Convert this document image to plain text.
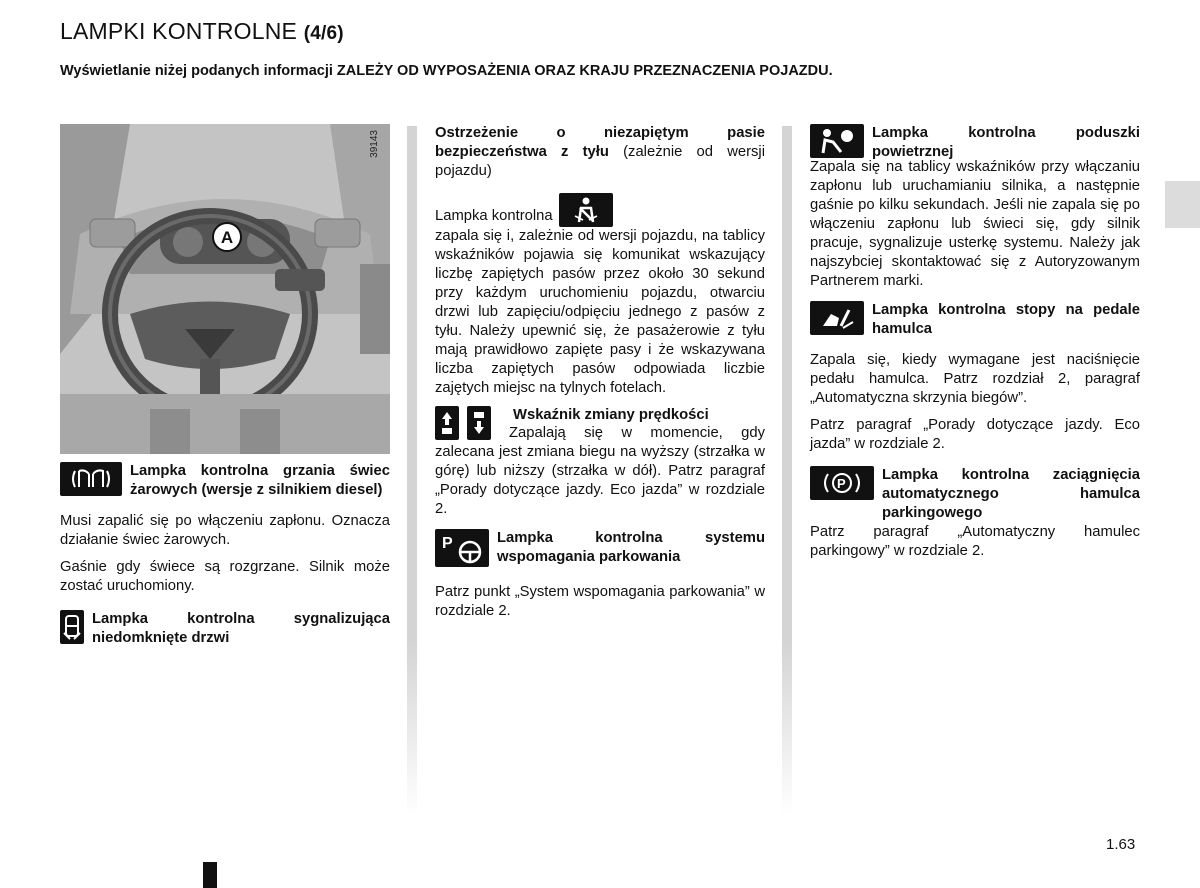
LAMPKI KONTROLNE (4/6)
Wyświetlanie niżej podanych informacji ZALEŻY OD WYPOSAŻENIA ORAZ KRAJU PRZEZNACZENIA POJAZDU.
A
39143
Lampka kontrolna grzania świec żarowych (wersje z silnikiem diesel)

Musi zapalić się po włączeniu zapłonu. Oznacza działanie świec żarowych.

Gaśnie gdy świece są rozgrzane. Silnik może zostać uruchomiony.

Lampka kontrolna sygnalizująca niedomknięte drzwi

Ostrzeżenie o niezapiętym pasie bezpieczeństwa z tyłu (zależnie od wersji pojazdu)

Lampka kontrolna

zapala się i, zależnie od wersji pojazdu, na tablicy wskaźników pojawia się komunikat wskazujący liczbę zapiętych pasów przez około 30 sekund przy każdym uruchomieniu pojazdu, otwarciu drzwi lub zapięciu/odpięciu jednego z pasów z tyłu. Należy upewnić się, że pasażerowie z tyłu mają prawidłowo zapięte pasy i że wskazywana liczba zapiętych pasów odpowiada liczbie zajętych miejsc na tylnych fotelach.

Wskaźnik zmiany prędkości

Zapalają się w momencie, gdy zalecana jest zmiana biegu na wyższy (strzałka w górę) lub niższy (strzałka w dół). Patrz paragraf „Porady dotyczące jazdy. Eco jazda” w rozdziale 2.

P	Lampka kontrolna systemu wspomagania parkowania

Patrz punkt „System wspomagania parkowania” w rozdziale 2.

Lampka kontrolna poduszki powietrznej

Zapala się na tablicy wskaźników przy włączaniu zapłonu lub uruchamianiu silnika, a następnie gaśnie po kilku sekundach. Jeśli nie zapala się po włączeniu zapłonu lub świeci się, gdy silnik pracuje, sygnalizuje usterkę systemu. Należy jak najszybciej skontaktować się z Autoryzowanym Partnerem marki.

Lampka kontrolna stopy na pedale hamulca

Zapala się, kiedy wymagane jest naciśnięcie pedału hamulca. Patrz rozdział 2, paragraf „Automatyczna skrzynia biegów”.

Patrz paragraf „Porady dotyczące jazdy. Eco jazda” w rozdziale 2.

P
Lampka kontrolna zaciągnięcia automatycznego hamulca parkingowego

Patrz paragraf „Automatyczny hamulec parkingowy” w rozdziale 2.

1.63
